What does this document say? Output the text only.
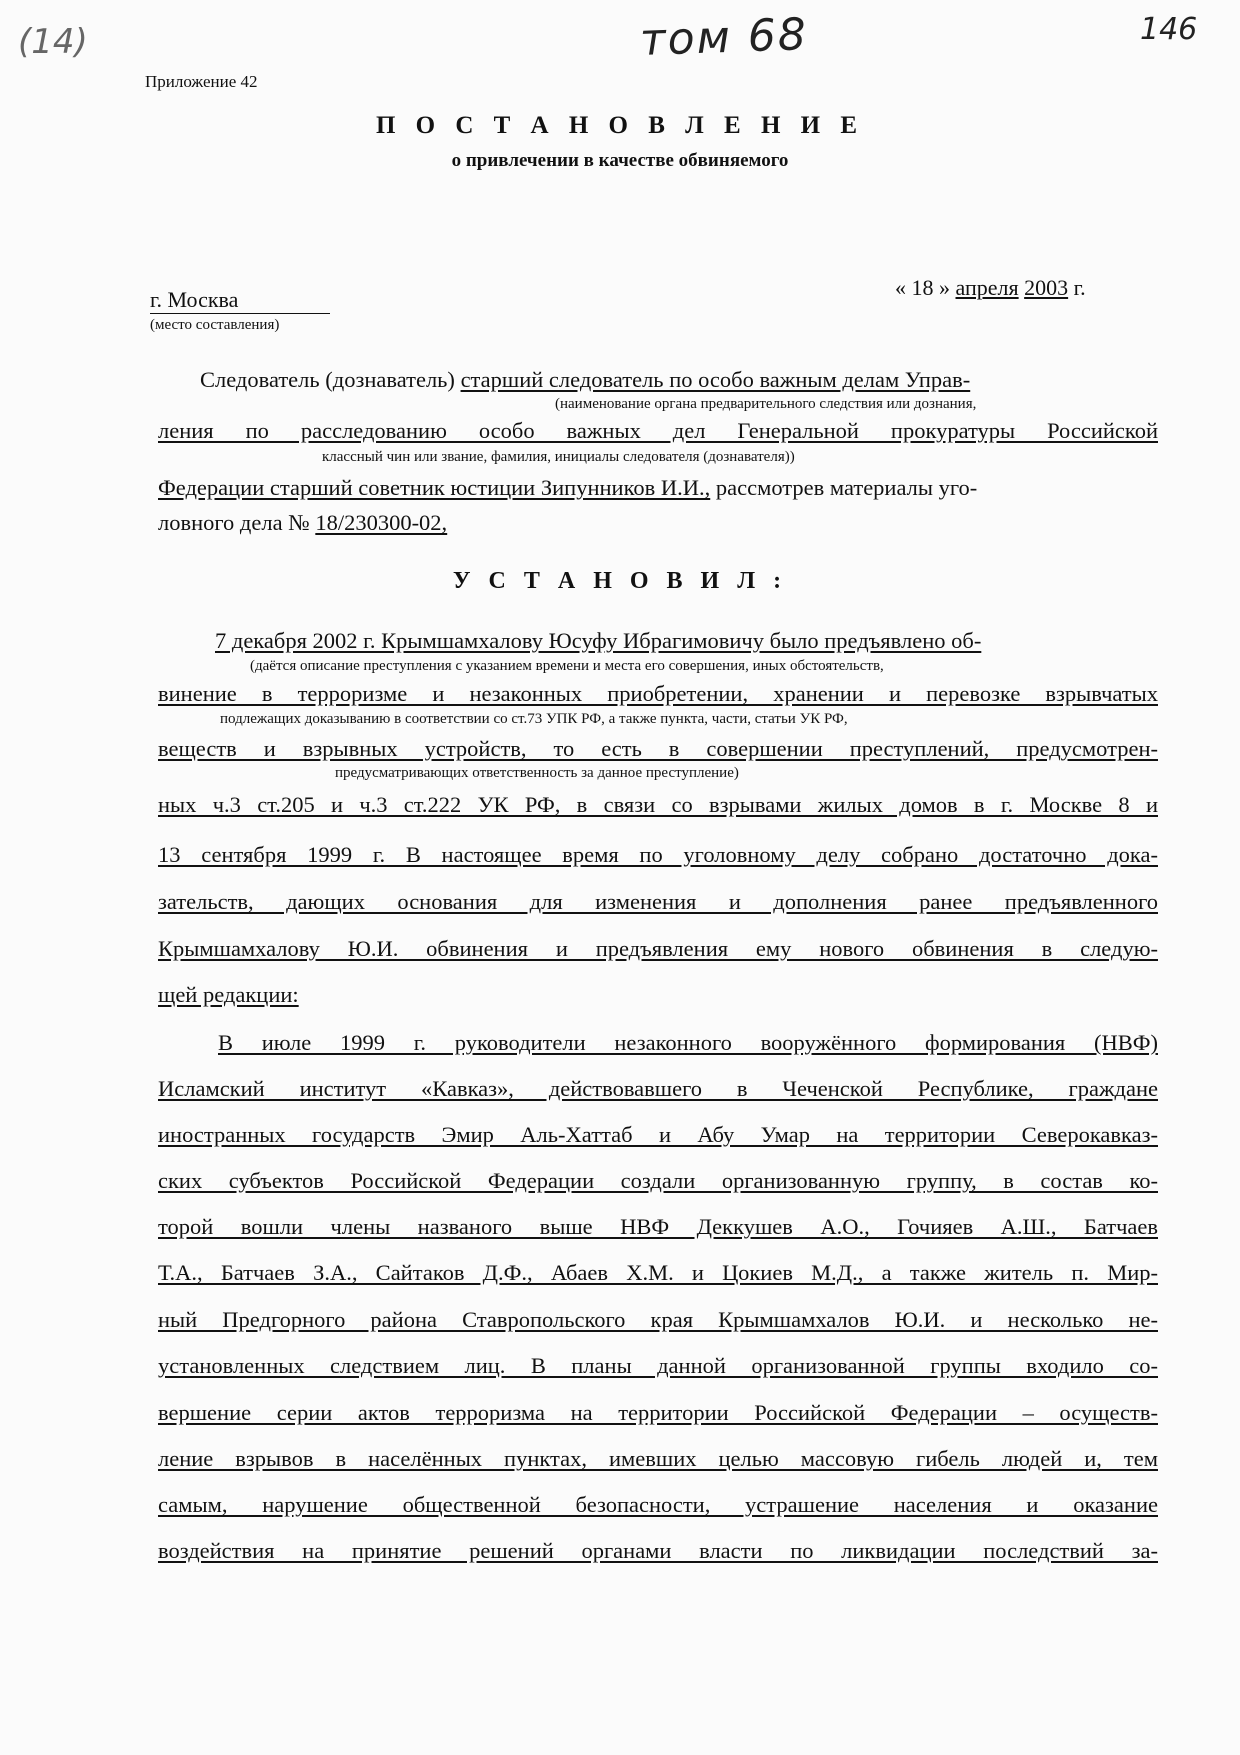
(14)	том 68	146
Приложение 42
П О С Т А Н О В Л Е Н И Е
о привлечении в качестве обвиняемого
г. Москва
(место составления)
« 18 » апреля 2003 г.
Следователь (дознаватель) старший следователь по особо важным делам Управ-
(наименование органа предварительного следствия или дознания,
ления по расследованию особо важных дел Генеральной прокуратуры Российской
классный чин или звание, фамилия, инициалы следователя (дознавателя))
Федерации старший советник юстиции Зипунников И.И., рассмотрев материалы уго-
ловного дела № 18/230300-02,
У С Т А Н О В И Л :
7 декабря 2002 г. Крымшамхалову Юсуфу Ибрагимовичу было предъявлено об-
(даётся описание преступления с указанием времени и места его совершения, иных обстоятельств,
винение в терроризме и незаконных приобретении, хранении и перевозке взрывчатых
подлежащих доказыванию в соответствии со ст.73 УПК РФ, а также пункта, части, статьи УК РФ,
веществ и взрывных устройств, то есть в совершении преступлений, предусмотрен-
предусматривающих ответственность за данное преступление)
ных ч.3 ст.205 и ч.3 ст.222 УК РФ, в связи со взрывами жилых домов в г. Москве 8 и
13 сентября 1999 г. В настоящее время по уголовному делу собрано достаточно дока-
зательств, дающих основания для изменения и дополнения ранее предъявленного
Крымшамхалову Ю.И. обвинения и предъявления ему нового обвинения в следую-
щей редакции:
В июле 1999 г. руководители незаконного вооружённого формирования (НВФ)
Исламский институт «Кавказ», действовавшего в Чеченской Республике, граждане
иностранных государств Эмир Аль-Хаттаб и Абу Умар на территории Северокавказ-
ских субъектов Российской Федерации создали организованную группу, в состав ко-
торой вошли члены названого выше НВФ Деккушев А.О., Гочияев А.Ш., Батчаев
Т.А., Батчаев З.А., Сайтаков Д.Ф., Абаев Х.М. и Цокиев М.Д., а также житель п. Мир-
ный Предгорного района Ставропольского края Крымшамхалов Ю.И. и несколько не-
установленных следствием лиц. В планы данной организованной группы входило со-
вершение серии актов терроризма на территории Российской Федерации – осуществ-
ление взрывов в населённых пунктах, имевших целью массовую гибель людей и, тем
самым, нарушение общественной безопасности, устрашение населения и оказание
воздействия на принятие решений органами власти по ликвидации последствий за-
